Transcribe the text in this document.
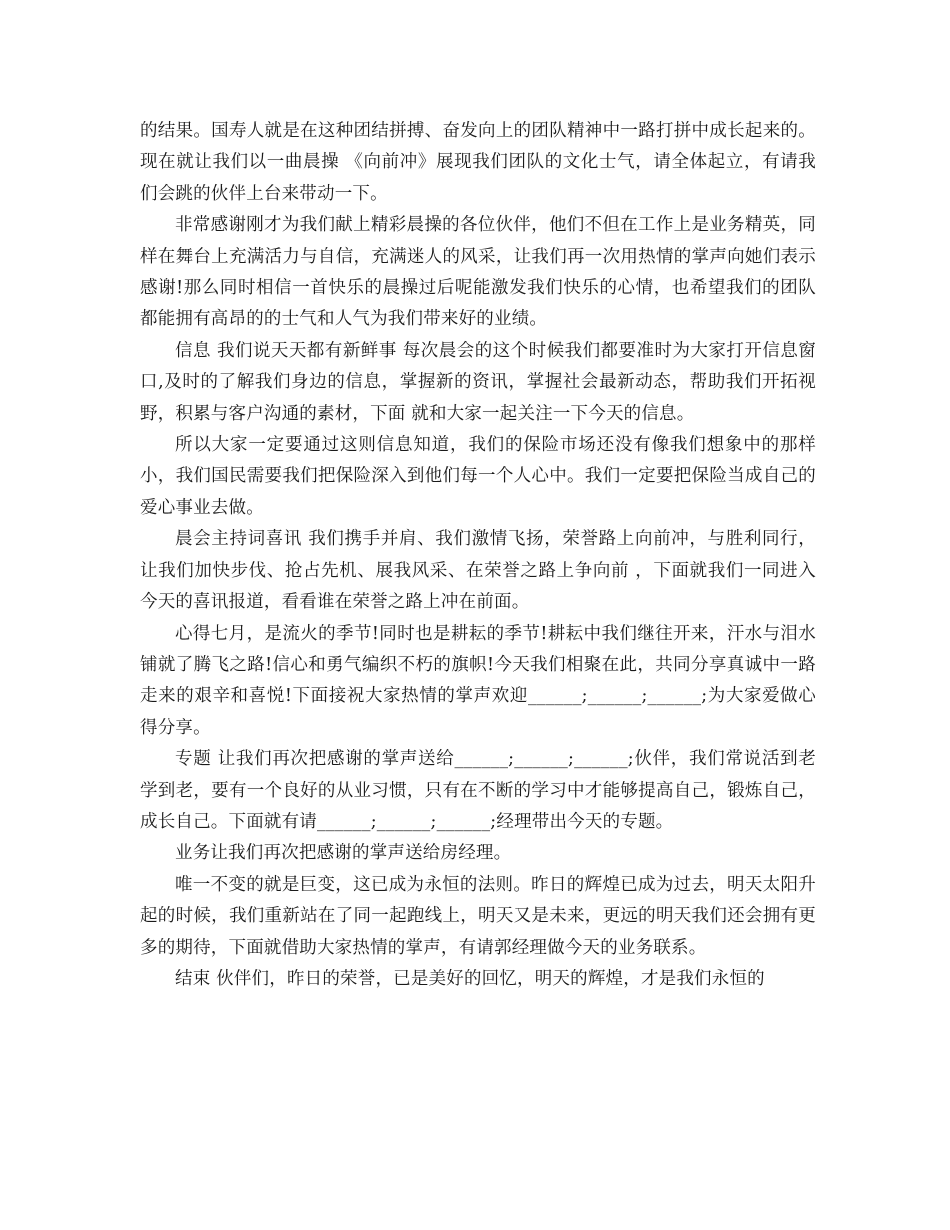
的结果。国寿人就是在这种团结拼搏、奋发向上的团队精神中一路打拼中成长起来的。现在就让我们以一曲晨操 《向前冲》展现我们团队的文化士气，请全体起立，有请我们会跳的伙伴上台来带动一下。

非常感谢刚才为我们献上精彩晨操的各位伙伴，他们不但在工作上是业务精英，同样在舞台上充满活力与自信，充满迷人的风采，让我们再一次用热情的掌声向她们表示感谢!那么同时相信一首快乐的晨操过后呢能激发我们快乐的心情，也希望我们的团队都能拥有高昂的的士气和人气为我们带来好的业绩。

信息 我们说天天都有新鲜事 每次晨会的这个时候我们都要准时为大家打开信息窗口,及时的了解我们身边的信息，掌握新的资讯，掌握社会最新动态，帮助我们开拓视野，积累与客户沟通的素材，下面 就和大家一起关注一下今天的信息。

所以大家一定要通过这则信息知道，我们的保险市场还没有像我们想象中的那样小，我们国民需要我们把保险深入到他们每一个人心中。我们一定要把保险当成自己的爱心事业去做。

晨会主持词喜讯 我们携手并肩、我们激情飞扬，荣誉路上向前冲，与胜利同行，让我们加快步伐、抢占先机、展我风采、在荣誉之路上争向前 ，下面就我们一同进入今天的喜讯报道，看看谁在荣誉之路上冲在前面。

心得七月，是流火的季节!同时也是耕耘的季节!耕耘中我们继往开来，汗水与泪水铺就了腾飞之路!信心和勇气编织不朽的旗帜!今天我们相聚在此，共同分享真诚中一路走来的艰辛和喜悦!下面接祝大家热情的掌声欢迎______;______;______;为大家爱做心得分享。

专题 让我们再次把感谢的掌声送给______;______;______;伙伴，我们常说活到老学到老，要有一个良好的从业习惯，只有在不断的学习中才能够提高自己，锻炼自己，成长自己。下面就有请______;______;______;经理带出今天的专题。

业务让我们再次把感谢的掌声送给房经理。

唯一不变的就是巨变，这已成为永恒的法则。昨日的辉煌已成为过去，明天太阳升起的时候，我们重新站在了同一起跑线上，明天又是未来，更远的明天我们还会拥有更多的期待，下面就借助大家热情的掌声，有请郭经理做今天的业务联系。

结束 伙伴们，昨日的荣誉，已是美好的回忆，明天的辉煌，才是我们永恒的
